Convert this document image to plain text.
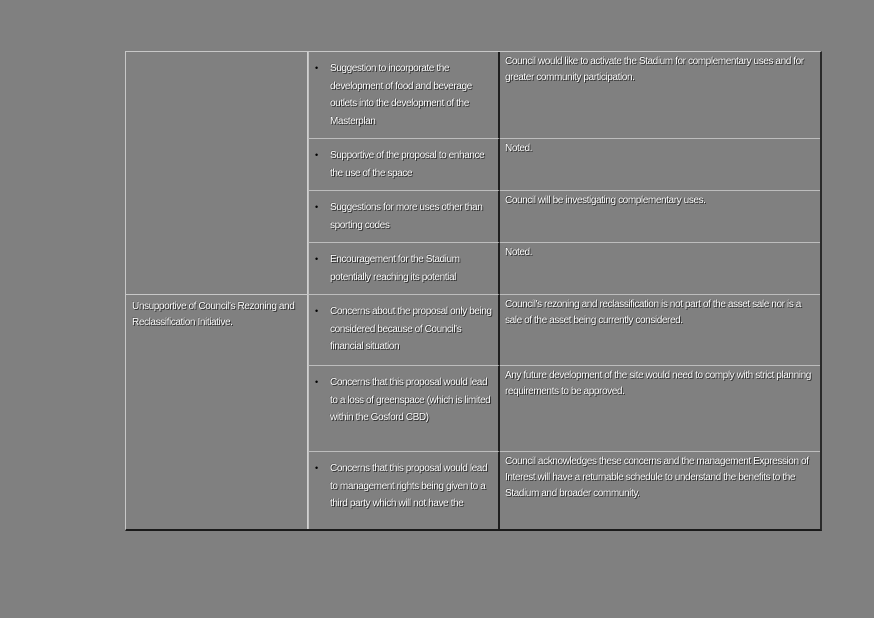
	• Suggestion to incorporate the development of food and beverage outlets into the development of the Masterplan	Council would like to activate the Stadium for complementary uses and for greater community participation.

	• Supportive of the proposal to enhance the use of the space	Noted.

	• Suggestions for more uses other than sporting codes	Council will be investigating complementary uses.

	• Encouragement for the Stadium potentially reaching its potential	Noted.
Unsupportive of Council's Rezoning and Reclassification Initiative.	• Concerns about the proposal only being considered because of Council's financial situation	Council's rezoning and reclassification is not part of the asset sale nor is a sale of the asset being currently considered.

	• Concerns that this proposal would lead to a loss of greenspace (which is limited within the Gosford CBD)	Any future development of the site would need to comply with strict planning requirements to be approved.

	• Concerns that this proposal would lead to management rights being given to a third party which will not have the	Council acknowledges these concerns and the management Expression of Interest will have a returnable schedule to understand the benefits to the Stadium and broader community.
